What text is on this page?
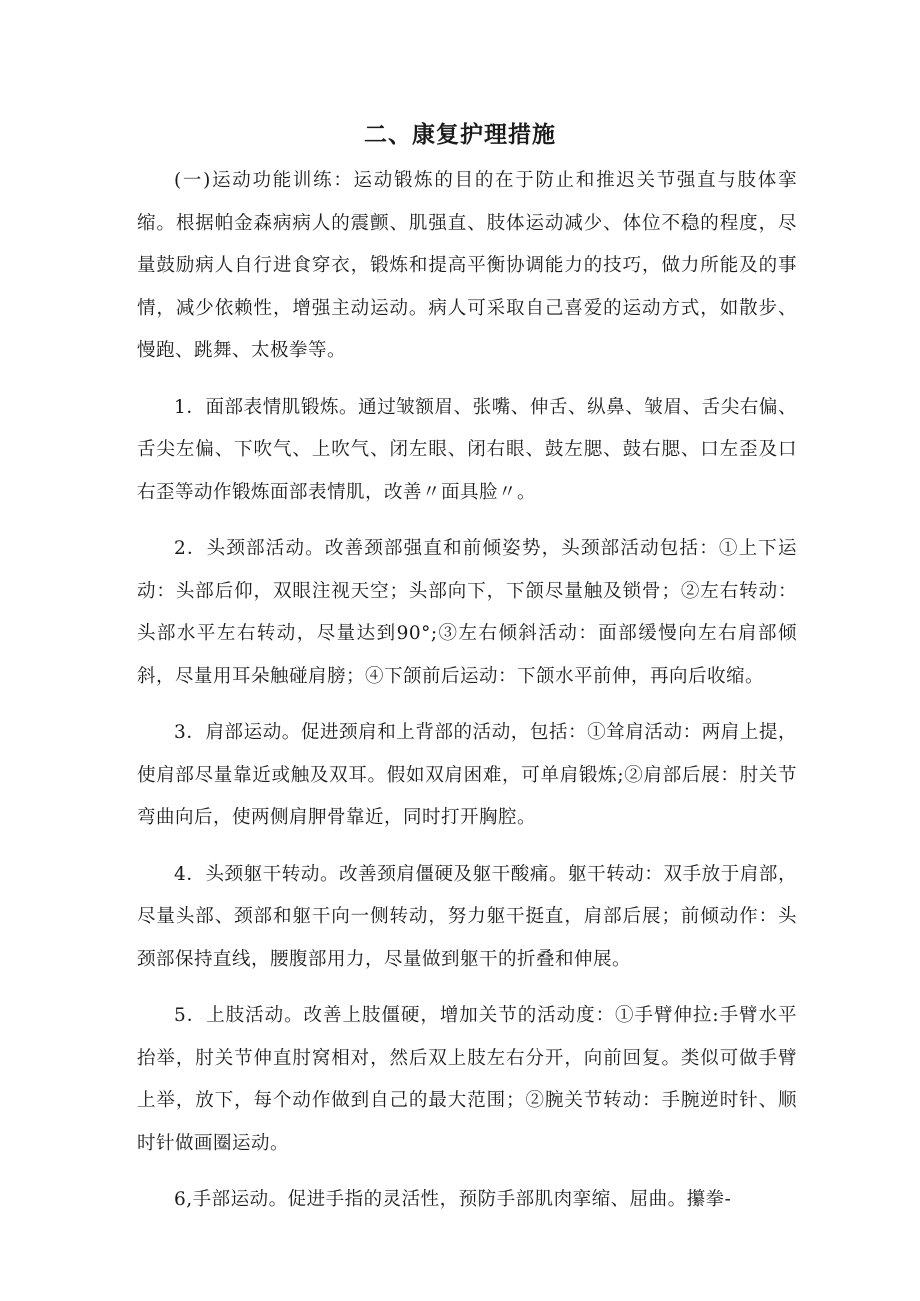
二、康复护理措施

(一)运动功能训练：运动锻炼的目的在于防止和推迟关节强直与肢体挛缩。根据帕金森病病人的震颤、肌强直、肢体运动减少、体位不稳的程度，尽量鼓励病人自行进食穿衣，锻炼和提高平衡协调能力的技巧，做力所能及的事情，减少依赖性，增强主动运动。病人可采取自己喜爱的运动方式，如散步、慢跑、跳舞、太极拳等。

1．面部表情肌锻炼。通过皱额眉、张嘴、伸舌、纵鼻、皱眉、舌尖右偏、舌尖左偏、下吹气、上吹气、闭左眼、闭右眼、鼓左腮、鼓右腮、口左歪及口右歪等动作锻炼面部表情肌，改善〃面具脸〃。

2．头颈部活动。改善颈部强直和前倾姿势，头颈部活动包括：①上下运动：头部后仰，双眼注视天空；头部向下，下颌尽量触及锁骨；②左右转动：头部水平左右转动，尽量达到90°;③左右倾斜活动：面部缓慢向左右肩部倾斜，尽量用耳朵触碰肩膀；④下颌前后运动：下颌水平前伸，再向后收缩。

3．肩部运动。促进颈肩和上背部的活动，包括：①耸肩活动：两肩上提，使肩部尽量靠近或触及双耳。假如双肩困难，可单肩锻炼;②肩部后展：肘关节弯曲向后，使两侧肩胛骨靠近，同时打开胸腔。

4．头颈躯干转动。改善颈肩僵硬及躯干酸痛。躯干转动：双手放于肩部，尽量头部、颈部和躯干向一侧转动，努力躯干挺直，肩部后展；前倾动作：头颈部保持直线，腰腹部用力，尽量做到躯干的折叠和伸展。

5．上肢活动。改善上肢僵硬，增加关节的活动度：①手臂伸拉:手臂水平抬举，肘关节伸直肘窝相对，然后双上肢左右分开，向前回复。类似可做手臂上举，放下，每个动作做到自己的最大范围；②腕关节转动：手腕逆时针、顺时针做画圈运动。

6,手部运动。促进手指的灵活性，预防手部肌肉挛缩、屈曲。攥拳-
